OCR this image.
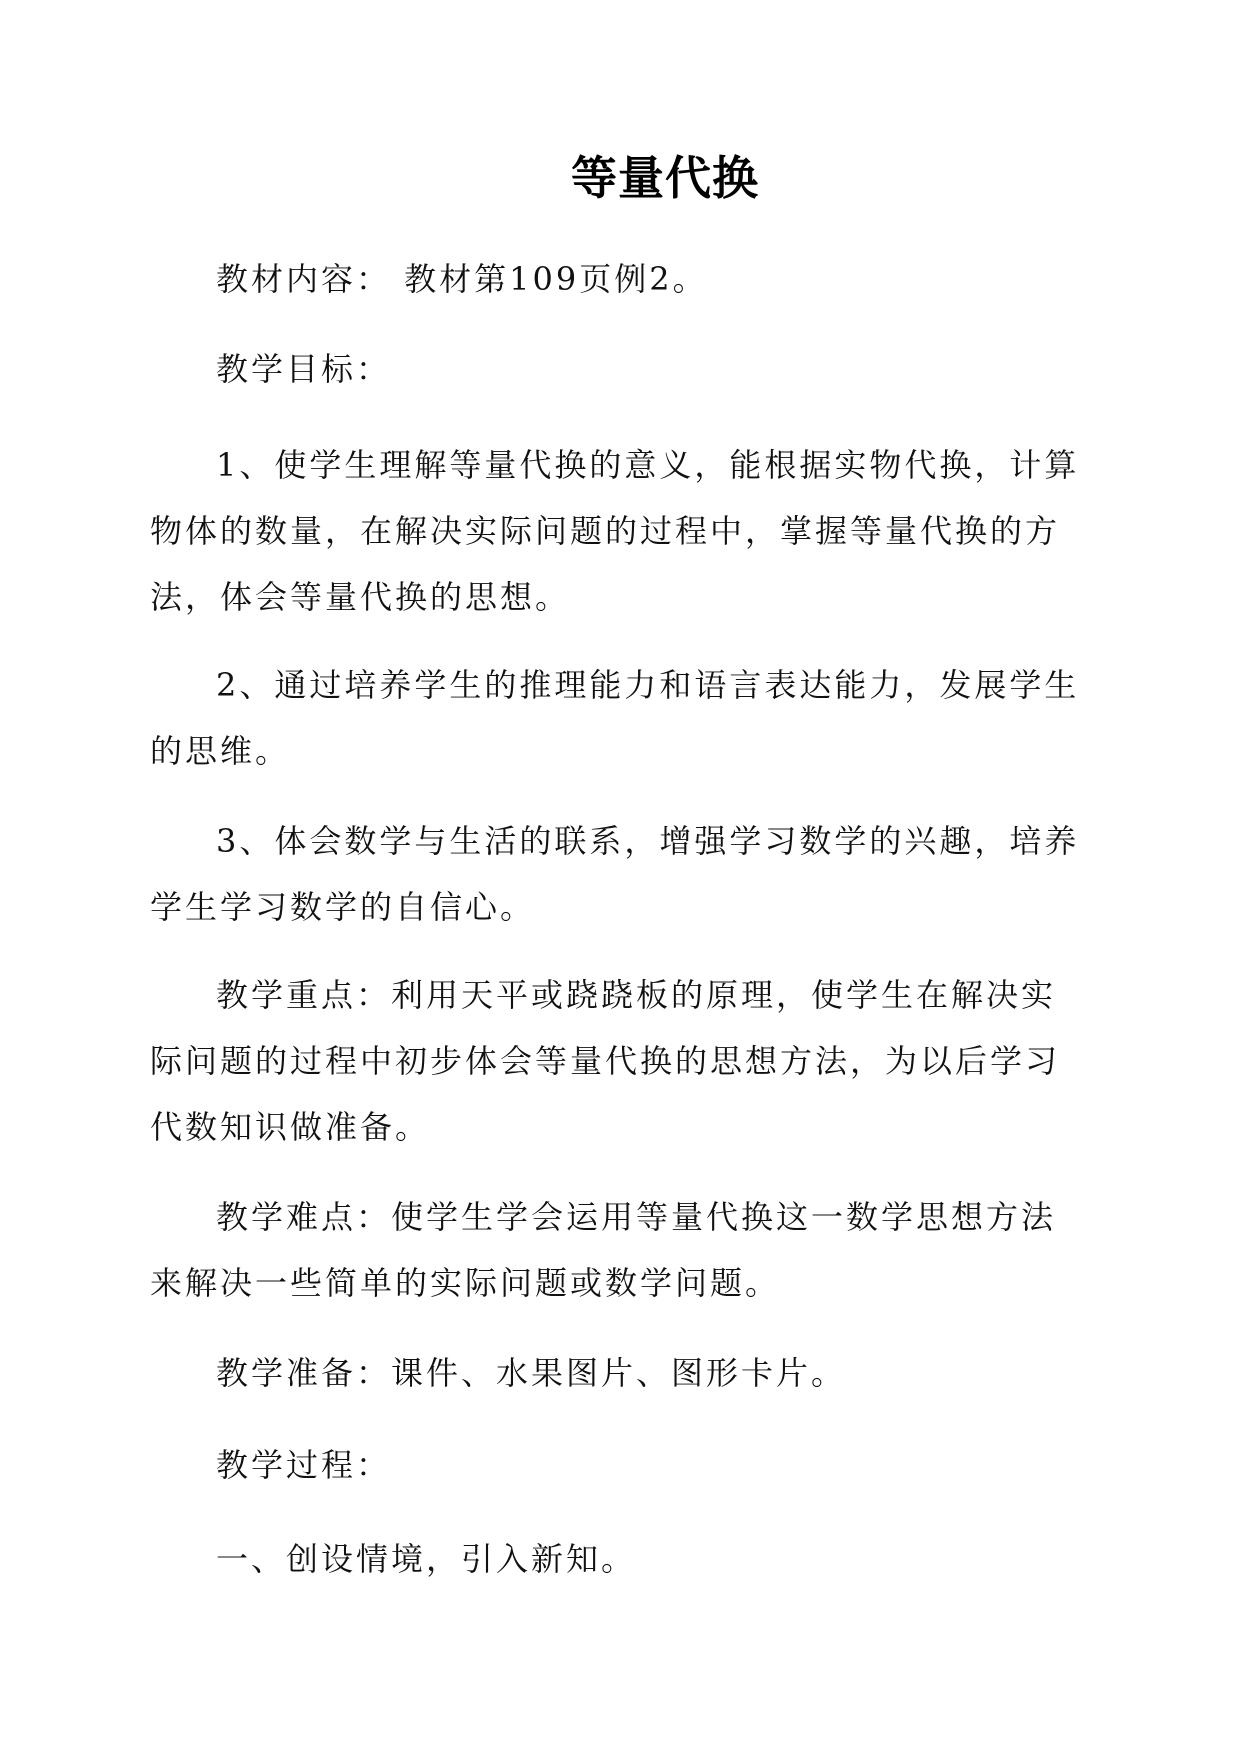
等量代换

教材内容： 教材第109页例2。

教学目标：

1、使学生理解等量代换的意义，能根据实物代换，计算物体的数量，在解决实际问题的过程中，掌握等量代换的方法，体会等量代换的思想。

2、通过培养学生的推理能力和语言表达能力，发展学生的思维。

3、体会数学与生活的联系，增强学习数学的兴趣，培养学生学习数学的自信心。

教学重点：利用天平或跷跷板的原理，使学生在解决实际问题的过程中初步体会等量代换的思想方法，为以后学习代数知识做准备。

教学难点：使学生学会运用等量代换这一数学思想方法来解决一些简单的实际问题或数学问题。

教学准备：课件、水果图片、图形卡片。

教学过程：

一、创设情境，引入新知。
